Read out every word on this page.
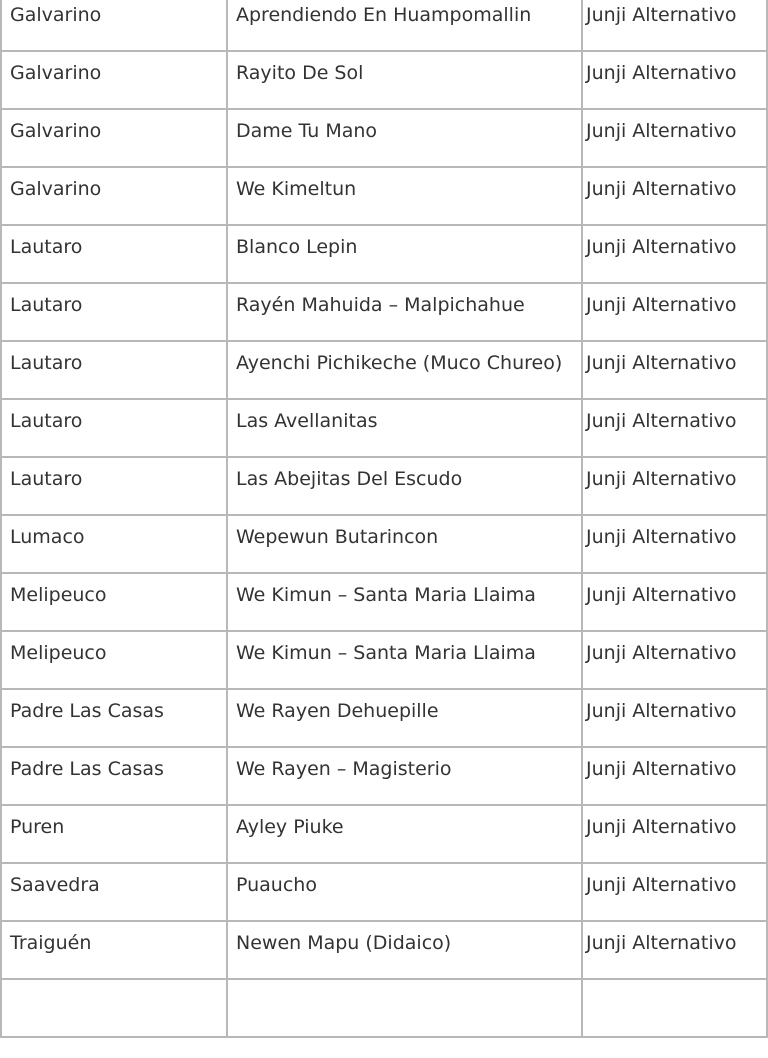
Galvarino	Aprendiendo En Huampomallin	Junji Alternativo
Galvarino	Rayito De Sol	Junji Alternativo
Galvarino	Dame Tu Mano	Junji Alternativo
Galvarino	We Kimeltun	Junji Alternativo
Lautaro	Blanco Lepin	Junji Alternativo
Lautaro	Rayén Mahuida – Malpichahue	Junji Alternativo
Lautaro	Ayenchi Pichikeche (Muco Chureo)	Junji Alternativo
Lautaro	Las Avellanitas	Junji Alternativo
Lautaro	Las Abejitas Del Escudo	Junji Alternativo
Lumaco	Wepewun Butarincon	Junji Alternativo
Melipeuco	We Kimun – Santa Maria Llaima	Junji Alternativo
Melipeuco	We Kimun – Santa Maria Llaima	Junji Alternativo
Padre Las Casas	We Rayen Dehuepille	Junji Alternativo
Padre Las Casas	We Rayen – Magisterio	Junji Alternativo
Puren	Ayley Piuke	Junji Alternativo
Saavedra	Puaucho	Junji Alternativo
Traiguén	Newen Mapu (Didaico)	Junji Alternativo
